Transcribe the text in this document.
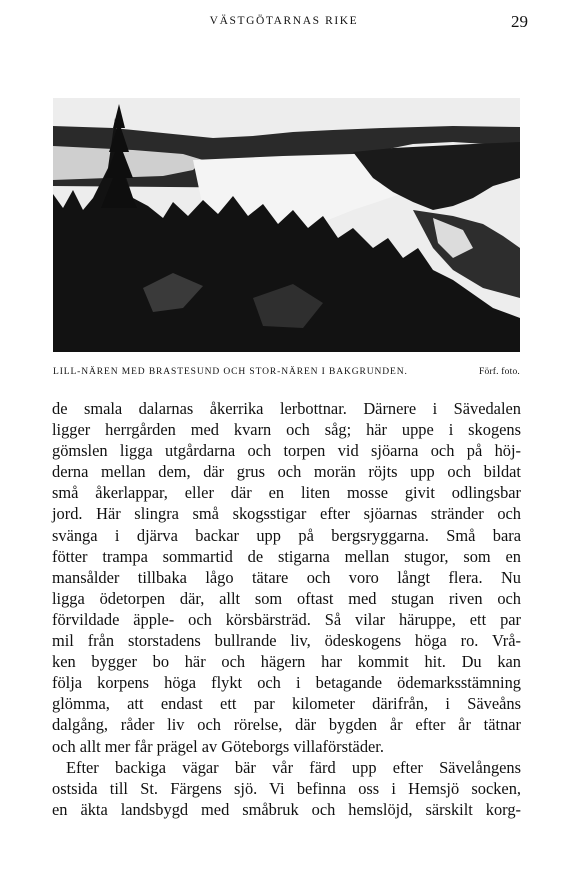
VÄSTGÖTARNAS RIKE	29
LILL-NÄREN MED BRASTESUND OCH STOR-NÄREN I BAKGRUNDEN.	Förf. foto.
de smala dalarnas åkerrika lerbottnar. Därnere i Sävedalen
ligger herrgården med kvarn och såg; här uppe i skogens
gömslen ligga utgårdarna och torpen vid sjöarna och på höj-
derna mellan dem, där grus och morän röjts upp och bildat
små åkerlappar, eller där en liten mosse givit odlingsbar
jord. Här slingra små skogsstigar efter sjöarnas stränder och
svänga i djärva backar upp på bergsryggarna. Små bara
fötter trampa sommartid de stigarna mellan stugor, som en
mansålder tillbaka lågo tätare och voro långt flera. Nu
ligga ödetorpen där, allt som oftast med stugan riven och
förvildade äpple- och körsbärsträd. Så vilar häruppe, ett par
mil från storstadens bullrande liv, ödeskogens höga ro. Vrå-
ken bygger bo här och hägern har kommit hit. Du kan
följa korpens höga flykt och i betagande ödemarksstämning
glömma, att endast ett par kilometer därifrån, i Säveåns
dalgång, råder liv och rörelse, där bygden år efter år tätnar
och allt mer får prägel av Göteborgs villaförstäder.
Efter backiga vägar bär vår färd upp efter Sävelångens
ostsida till St. Färgens sjö. Vi befinna oss i Hemsjö socken,
en äkta landsbygd med småbruk och hemslöjd, särskilt korg-
